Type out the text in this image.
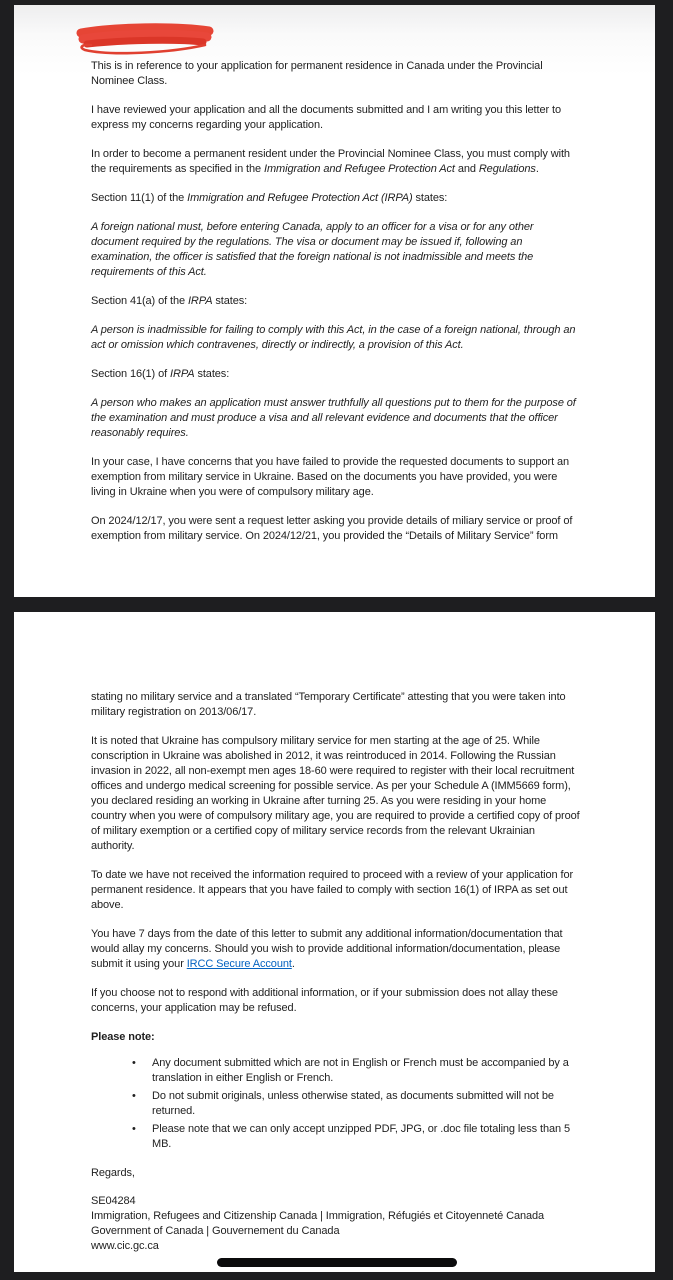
Dear Y

This is in reference to your application for permanent residence in Canada under the Provincial Nominee Class.

I have reviewed your application and all the documents submitted and I am writing you this letter to express my concerns regarding your application.

In order to become a permanent resident under the Provincial Nominee Class, you must comply with the requirements as specified in the Immigration and Refugee Protection Act and Regulations.

Section 11(1) of the Immigration and Refugee Protection Act (IRPA) states:

A foreign national must, before entering Canada, apply to an officer for a visa or for any other document required by the regulations. The visa or document may be issued if, following an examination, the officer is satisfied that the foreign national is not inadmissible and meets the requirements of this Act.

Section 41(a) of the IRPA states:

A person is inadmissible for failing to comply with this Act, in the case of a foreign national, through an act or omission which contravenes, directly or indirectly, a provision of this Act.

Section 16(1) of IRPA states:

A person who makes an application must answer truthfully all questions put to them for the purpose of the examination and must produce a visa and all relevant evidence and documents that the officer reasonably requires.

In your case, I have concerns that you have failed to provide the requested documents to support an exemption from military service in Ukraine. Based on the documents you have provided, you were living in Ukraine when you were of compulsory military age.

On 2024/12/17, you were sent a request letter asking you provide details of miliary service or proof of exemption from military service. On 2024/12/21, you provided the “Details of Military Service” form

stating no military service and a translated “Temporary Certificate” attesting that you were taken into military registration on 2013/06/17.

It is noted that Ukraine has compulsory military service for men starting at the age of 25. While conscription in Ukraine was abolished in 2012, it was reintroduced in 2014. Following the Russian invasion in 2022, all non-exempt men ages 18-60 were required to register with their local recruitment offices and undergo medical screening for possible service. As per your Schedule A (IMM5669 form), you declared residing an working in Ukraine after turning 25. As you were residing in your home country when you were of compulsory military age, you are required to provide a certified copy of proof of military exemption or a certified copy of military service records from the relevant Ukrainian authority.

To date we have not received the information required to proceed with a review of your application for permanent residence. It appears that you have failed to comply with section 16(1) of IRPA as set out above.

You have 7 days from the date of this letter to submit any additional information/documentation that would allay my concerns. Should you wish to provide additional information/documentation, please submit it using your IRCC Secure Account.

If you choose not to respond with additional information, or if your submission does not allay these concerns, your application may be refused.

Please note:

•	Any document submitted which are not in English or French must be accompanied by a translation in either English or French.
•	Do not submit originals, unless otherwise stated, as documents submitted will not be returned.
•	Please note that we can only accept unzipped PDF, JPG, or .doc file totaling less than 5 MB.

Regards,

SE04284
Immigration, Refugees and Citizenship Canada | Immigration, Réfugiés et Citoyenneté Canada
Government of Canada | Gouvernement du Canada
www.cic.gc.ca
